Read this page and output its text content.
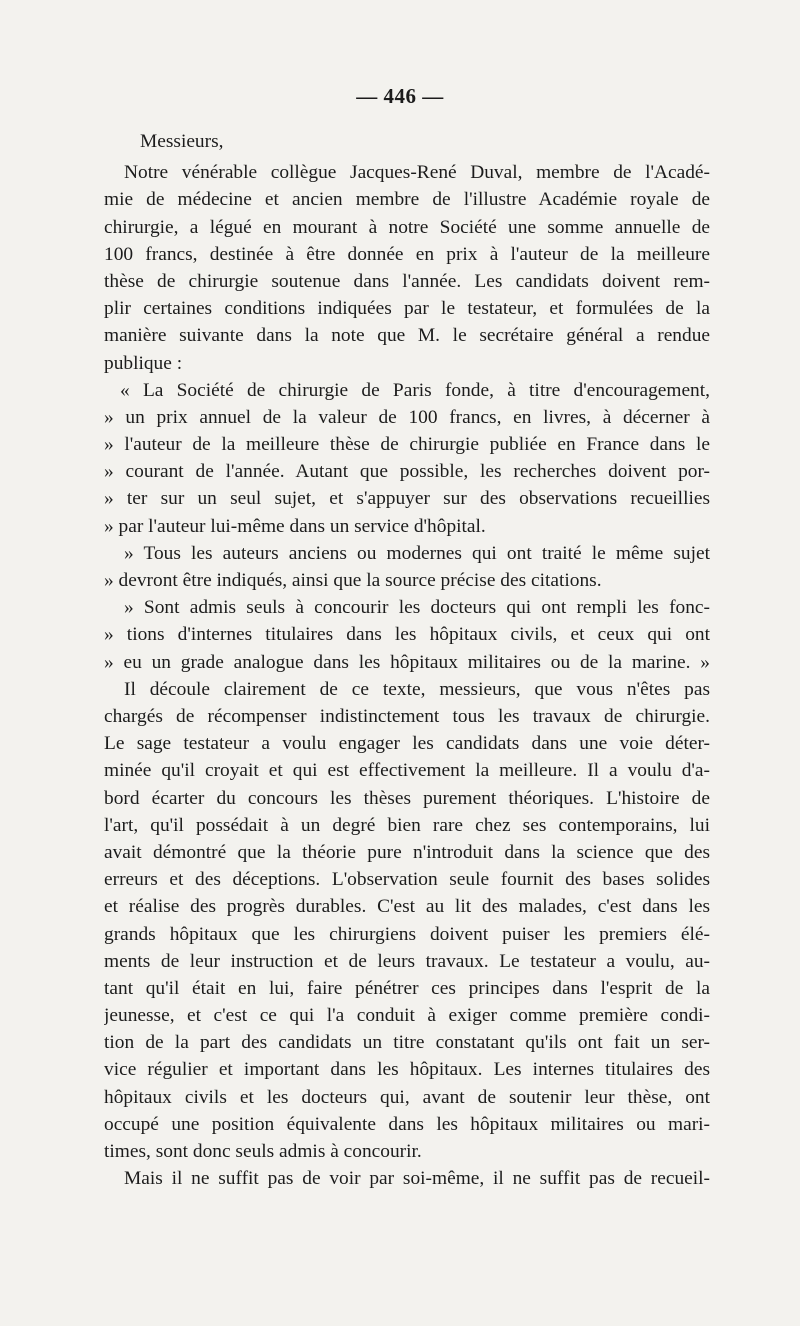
— 446 —
Messieurs,
Notre vénérable collègue Jacques-René Duval, membre de l'Acadé-
mie de médecine et ancien membre de l'illustre Académie royale de
chirurgie, a légué en mourant à notre Société une somme annuelle de
100 francs, destinée à être donnée en prix à l'auteur de la meilleure
thèse de chirurgie soutenue dans l'année. Les candidats doivent rem-
plir certaines conditions indiquées par le testateur, et formulées de la
manière suivante dans la note que M. le secrétaire général a rendue
publique :
« La Société de chirurgie de Paris fonde, à titre d'encouragement,
» un prix annuel de la valeur de 100 francs, en livres, à décerner à
» l'auteur de la meilleure thèse de chirurgie publiée en France dans le
» courant de l'année. Autant que possible, les recherches doivent por-
» ter sur un seul sujet, et s'appuyer sur des observations recueillies
» par l'auteur lui-même dans un service d'hôpital.
» Tous les auteurs anciens ou modernes qui ont traité le même sujet
» devront être indiqués, ainsi que la source précise des citations.
» Sont admis seuls à concourir les docteurs qui ont rempli les fonc-
» tions d'internes titulaires dans les hôpitaux civils, et ceux qui ont
» eu un grade analogue dans les hôpitaux militaires ou de la marine. »
Il découle clairement de ce texte, messieurs, que vous n'êtes pas
chargés de récompenser indistinctement tous les travaux de chirurgie.
Le sage testateur a voulu engager les candidats dans une voie déter-
minée qu'il croyait et qui est effectivement la meilleure. Il a voulu d'a-
bord écarter du concours les thèses purement théoriques. L'histoire de
l'art, qu'il possédait à un degré bien rare chez ses contemporains, lui
avait démontré que la théorie pure n'introduit dans la science que des
erreurs et des déceptions. L'observation seule fournit des bases solides
et réalise des progrès durables. C'est au lit des malades, c'est dans les
grands hôpitaux que les chirurgiens doivent puiser les premiers élé-
ments de leur instruction et de leurs travaux. Le testateur a voulu, au-
tant qu'il était en lui, faire pénétrer ces principes dans l'esprit de la
jeunesse, et c'est ce qui l'a conduit à exiger comme première condi-
tion de la part des candidats un titre constatant qu'ils ont fait un ser-
vice régulier et important dans les hôpitaux. Les internes titulaires des
hôpitaux civils et les docteurs qui, avant de soutenir leur thèse, ont
occupé une position équivalente dans les hôpitaux militaires ou mari-
times, sont donc seuls admis à concourir.
Mais il ne suffit pas de voir par soi-même, il ne suffit pas de recueil-
